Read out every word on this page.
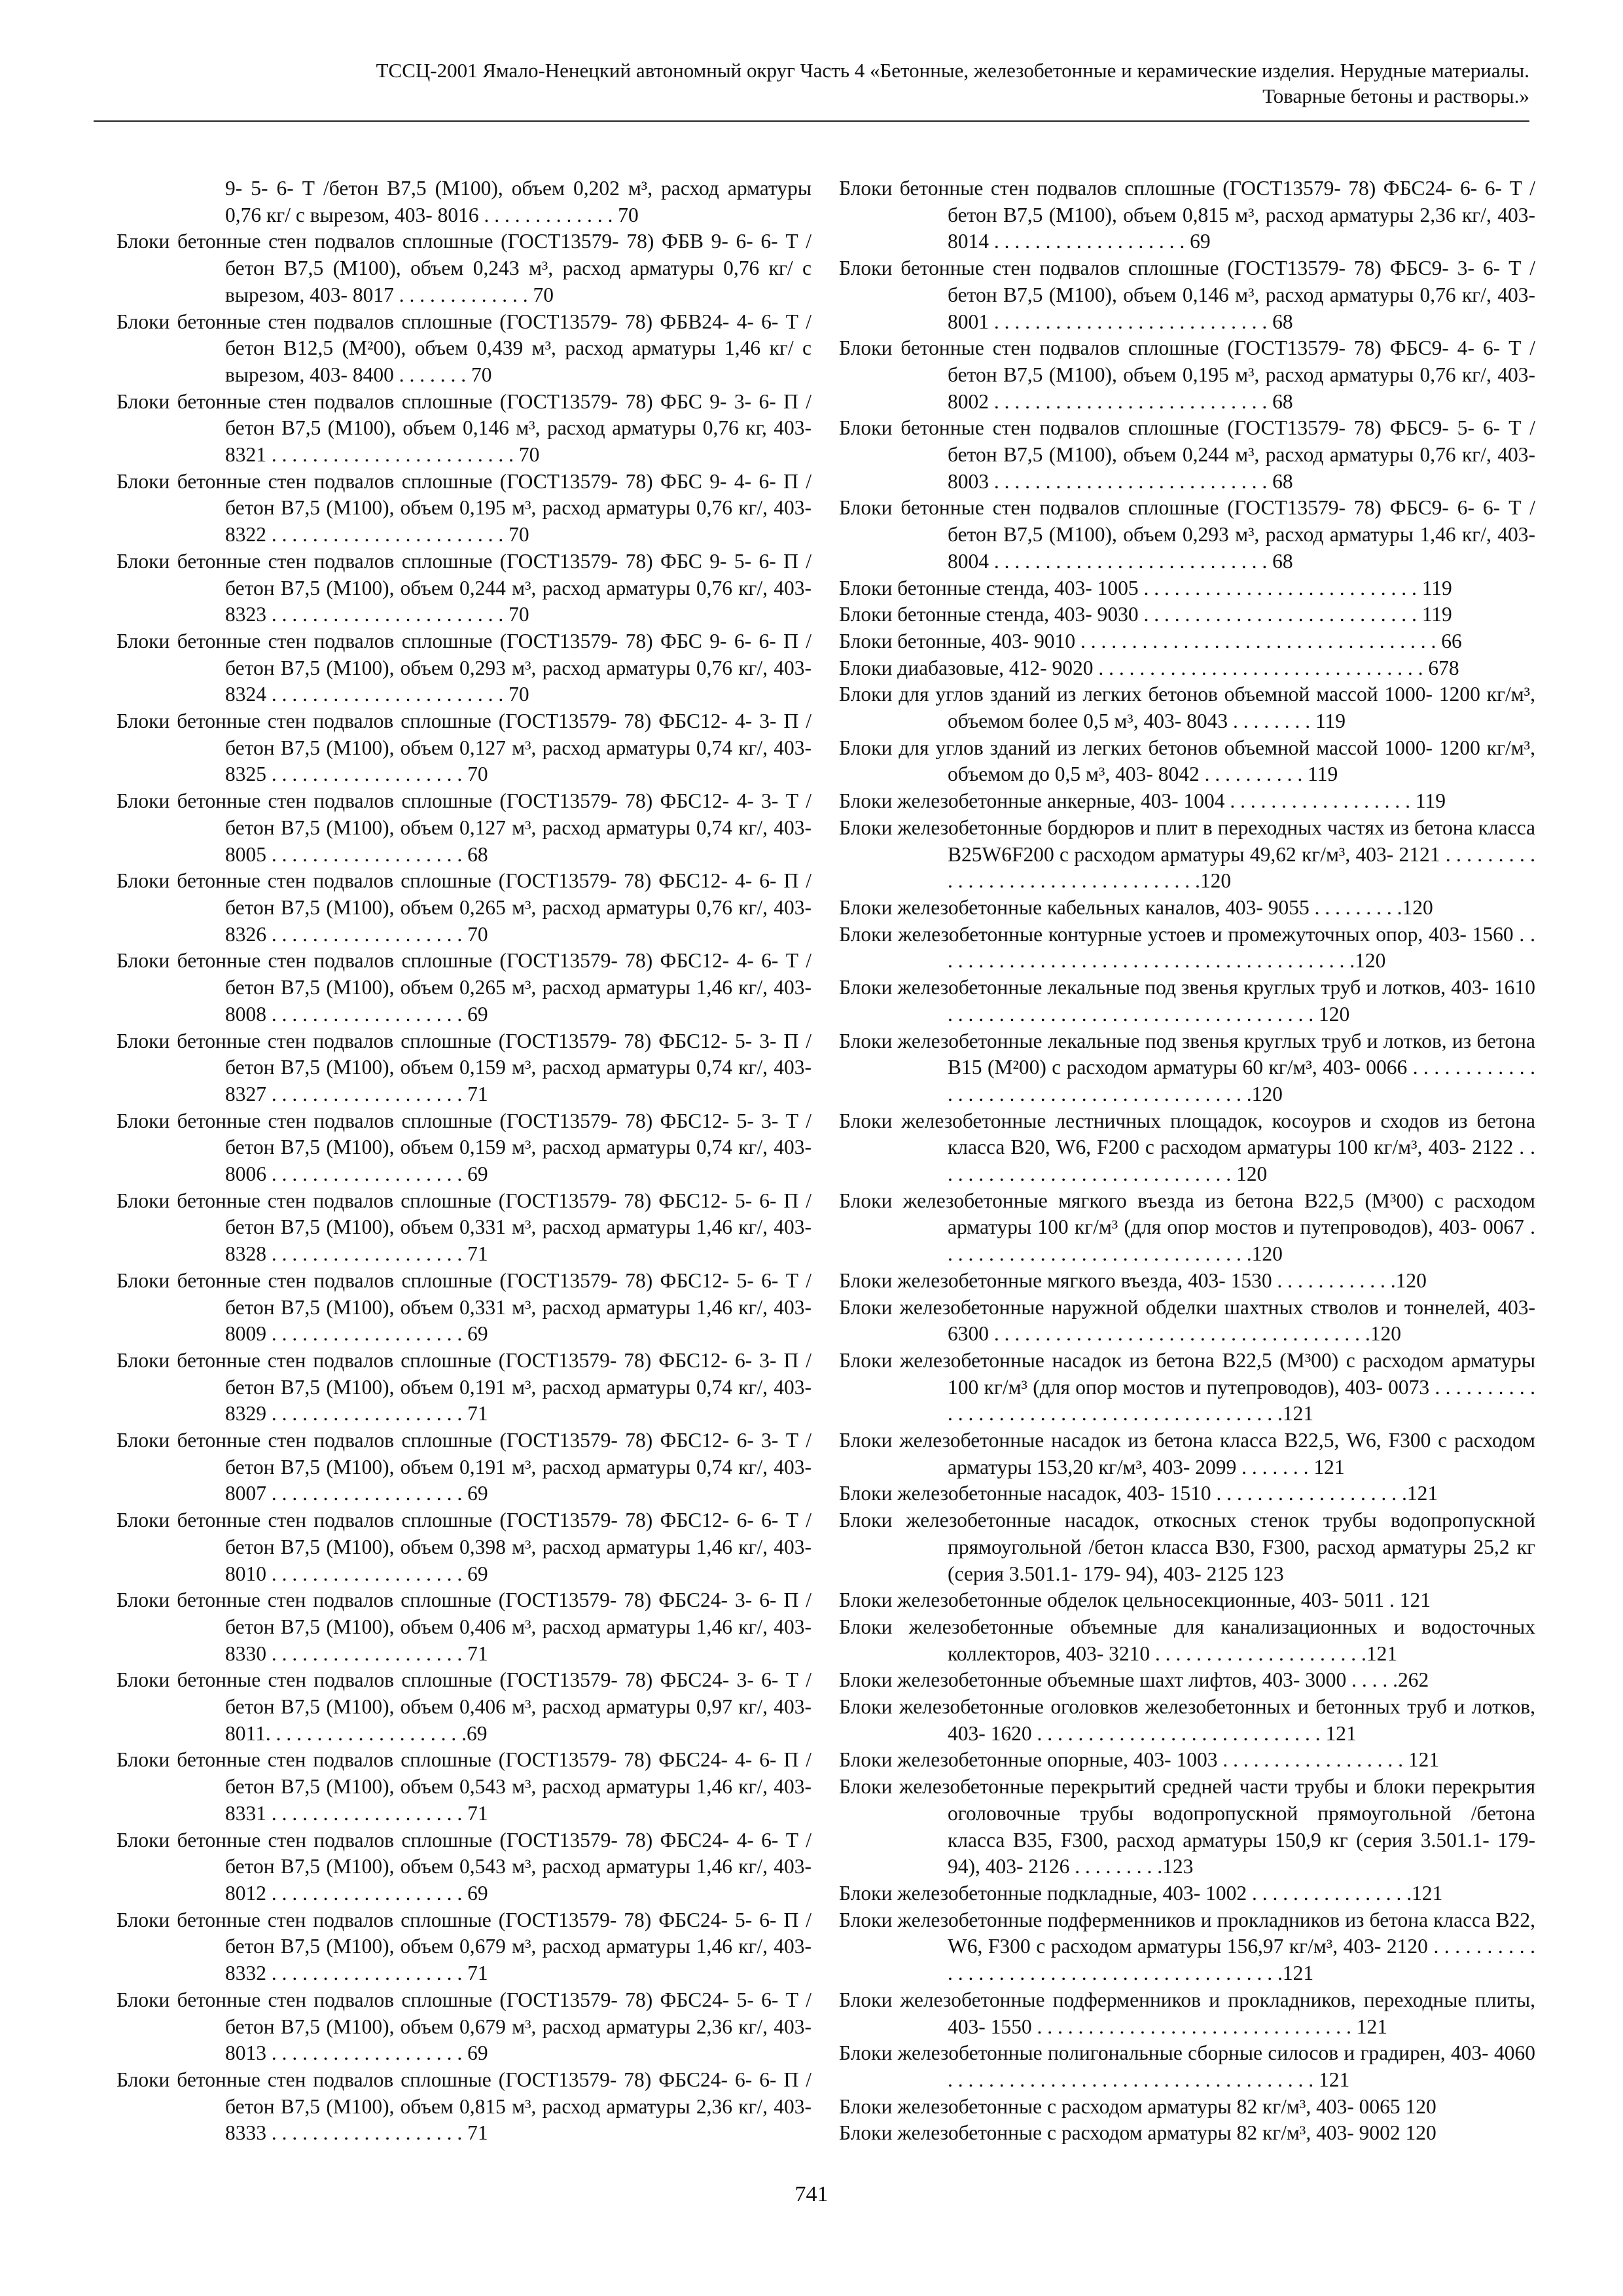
ТССЦ-2001 Ямало-Ненецкий автономный округ Часть 4 «Бетонные, железобетонные и керамические изделия. Нерудные материалы.
Товарные бетоны и растворы.»
9- 5- 6- Т /бетон В7,5 (М100), объем 0,202 м³, расход арматуры 0,76 кг/ с вырезом, 403- 8016 . . . . . . . . . . . . . 70
Блоки бетонные стен подвалов сплошные (ГОСТ13579- 78) ФБВ 9- 6- 6- Т /бетон В7,5 (М100), объем 0,243 м³, расход арматуры 0,76 кг/ с вырезом, 403- 8017 . . . . . . . . . . . . . 70
Блоки бетонные стен подвалов сплошные (ГОСТ13579- 78) ФБВ24- 4- 6- Т /бетон В12,5 (М²00), объем 0,439 м³, расход арматуры 1,46 кг/ с вырезом, 403- 8400 . . . . . . . 70
Блоки бетонные стен подвалов сплошные (ГОСТ13579- 78) ФБС 9- 3- 6- П /бетон В7,5 (М100), объем 0,146 м³, расход арматуры 0,76 кг, 403- 8321 . . . . . . . . . . . . . . . . . . . . . . . . 70
Блоки бетонные стен подвалов сплошные (ГОСТ13579- 78) ФБС 9- 4- 6- П /бетон В7,5 (М100), объем 0,195 м³, расход арматуры 0,76 кг/, 403- 8322 . . . . . . . . . . . . . . . . . . . . . . . 70
Блоки бетонные стен подвалов сплошные (ГОСТ13579- 78) ФБС 9- 5- 6- П /бетон В7,5 (М100), объем 0,244 м³, расход арматуры 0,76 кг/, 403- 8323 . . . . . . . . . . . . . . . . . . . . . . . 70
Блоки бетонные стен подвалов сплошные (ГОСТ13579- 78) ФБС 9- 6- 6- П /бетон В7,5 (М100), объем 0,293 м³, расход арматуры 0,76 кг/, 403- 8324 . . . . . . . . . . . . . . . . . . . . . . . 70
Блоки бетонные стен подвалов сплошные (ГОСТ13579- 78) ФБС12- 4- 3- П /бетон В7,5 (М100), объем 0,127 м³, расход арматуры 0,74 кг/, 403- 8325 . . . . . . . . . . . . . . . . . . . 70
Блоки бетонные стен подвалов сплошные (ГОСТ13579- 78) ФБС12- 4- 3- Т /бетон В7,5 (М100), объем 0,127 м³, расход арматуры 0,74 кг/, 403- 8005 . . . . . . . . . . . . . . . . . . . 68
Блоки бетонные стен подвалов сплошные (ГОСТ13579- 78) ФБС12- 4- 6- П /бетон В7,5 (М100), объем 0,265 м³, расход арматуры 0,76 кг/, 403- 8326 . . . . . . . . . . . . . . . . . . . 70
Блоки бетонные стен подвалов сплошные (ГОСТ13579- 78) ФБС12- 4- 6- Т /бетон В7,5 (М100), объем 0,265 м³, расход арматуры 1,46 кг/, 403- 8008 . . . . . . . . . . . . . . . . . . . 69
Блоки бетонные стен подвалов сплошные (ГОСТ13579- 78) ФБС12- 5- 3- П /бетон В7,5 (М100), объем 0,159 м³, расход арматуры 0,74 кг/, 403- 8327 . . . . . . . . . . . . . . . . . . . 71
Блоки бетонные стен подвалов сплошные (ГОСТ13579- 78) ФБС12- 5- 3- Т /бетон В7,5 (М100), объем 0,159 м³, расход арматуры 0,74 кг/, 403- 8006 . . . . . . . . . . . . . . . . . . . 69
Блоки бетонные стен подвалов сплошные (ГОСТ13579- 78) ФБС12- 5- 6- П /бетон В7,5 (М100), объем 0,331 м³, расход арматуры 1,46 кг/, 403- 8328 . . . . . . . . . . . . . . . . . . . 71
Блоки бетонные стен подвалов сплошные (ГОСТ13579- 78) ФБС12- 5- 6- Т /бетон В7,5 (М100), объем 0,331 м³, расход арматуры 1,46 кг/, 403- 8009 . . . . . . . . . . . . . . . . . . . 69
Блоки бетонные стен подвалов сплошные (ГОСТ13579- 78) ФБС12- 6- 3- П /бетон В7,5 (М100), объем 0,191 м³, расход арматуры 0,74 кг/, 403- 8329 . . . . . . . . . . . . . . . . . . . 71
Блоки бетонные стен подвалов сплошные (ГОСТ13579- 78) ФБС12- 6- 3- Т /бетон В7,5 (М100), объем 0,191 м³, расход арматуры 0,74 кг/, 403- 8007 . . . . . . . . . . . . . . . . . . . 69
Блоки бетонные стен подвалов сплошные (ГОСТ13579- 78) ФБС12- 6- 6- Т /бетон В7,5 (М100), объем 0,398 м³, расход арматуры 1,46 кг/, 403- 8010 . . . . . . . . . . . . . . . . . . . 69
Блоки бетонные стен подвалов сплошные (ГОСТ13579- 78) ФБС24- 3- 6- П /бетон В7,5 (М100), объем 0,406 м³, расход арматуры 1,46 кг/, 403- 8330 . . . . . . . . . . . . . . . . . . . 71
Блоки бетонные стен подвалов сплошные (ГОСТ13579- 78) ФБС24- 3- 6- Т /бетон В7,5 (М100), объем 0,406 м³, расход арматуры 0,97 кг/, 403- 8011. . . . . . . . . . . . . . . . . . . .69
Блоки бетонные стен подвалов сплошные (ГОСТ13579- 78) ФБС24- 4- 6- П /бетон В7,5 (М100), объем 0,543 м³, расход арматуры 1,46 кг/, 403- 8331 . . . . . . . . . . . . . . . . . . . 71
Блоки бетонные стен подвалов сплошные (ГОСТ13579- 78) ФБС24- 4- 6- Т /бетон В7,5 (М100), объем 0,543 м³, расход арматуры 1,46 кг/, 403- 8012 . . . . . . . . . . . . . . . . . . . 69
Блоки бетонные стен подвалов сплошные (ГОСТ13579- 78) ФБС24- 5- 6- П /бетон В7,5 (М100), объем 0,679 м³, расход арматуры 1,46 кг/, 403- 8332 . . . . . . . . . . . . . . . . . . . 71
Блоки бетонные стен подвалов сплошные (ГОСТ13579- 78) ФБС24- 5- 6- Т /бетон В7,5 (М100), объем 0,679 м³, расход арматуры 2,36 кг/, 403- 8013 . . . . . . . . . . . . . . . . . . . 69
Блоки бетонные стен подвалов сплошные (ГОСТ13579- 78) ФБС24- 6- 6- П /бетон В7,5 (М100), объем 0,815 м³, расход арматуры 2,36 кг/, 403- 8333 . . . . . . . . . . . . . . . . . . . 71
Блоки бетонные стен подвалов сплошные (ГОСТ13579- 78) ФБС24- 6- 6- Т /бетон В7,5 (М100), объем 0,815 м³, расход арматуры 2,36 кг/, 403- 8014 . . . . . . . . . . . . . . . . . . . 69
Блоки бетонные стен подвалов сплошные (ГОСТ13579- 78) ФБС9- 3- 6- Т /бетон В7,5 (М100), объем 0,146 м³, расход арматуры 0,76 кг/, 403- 8001 . . . . . . . . . . . . . . . . . . . . . . . . . . . 68
Блоки бетонные стен подвалов сплошные (ГОСТ13579- 78) ФБС9- 4- 6- Т /бетон В7,5 (М100), объем 0,195 м³, расход арматуры 0,76 кг/, 403- 8002 . . . . . . . . . . . . . . . . . . . . . . . . . . . 68
Блоки бетонные стен подвалов сплошные (ГОСТ13579- 78) ФБС9- 5- 6- Т /бетон В7,5 (М100), объем 0,244 м³, расход арматуры 0,76 кг/, 403- 8003 . . . . . . . . . . . . . . . . . . . . . . . . . . . 68
Блоки бетонные стен подвалов сплошные (ГОСТ13579- 78) ФБС9- 6- 6- Т /бетон В7,5 (М100), объем 0,293 м³, расход арматуры 1,46 кг/, 403- 8004 . . . . . . . . . . . . . . . . . . . . . . . . . . . 68
Блоки бетонные стенда, 403- 1005 . . . . . . . . . . . . . . . . . . . . . . . . . . . 119
Блоки бетонные стенда, 403- 9030 . . . . . . . . . . . . . . . . . . . . . . . . . . . 119
Блоки бетонные, 403- 9010 . . . . . . . . . . . . . . . . . . . . . . . . . . . . . . . . . . . 66
Блоки диабазовые, 412- 9020 . . . . . . . . . . . . . . . . . . . . . . . . . . . . . . . . 678
Блоки для углов зданий из легких бетонов объемной массой 1000- 1200 кг/м³, объемом более 0,5 м³, 403- 8043 . . . . . . . . 119
Блоки для углов зданий из легких бетонов объемной массой 1000- 1200 кг/м³, объемом до 0,5 м³, 403- 8042 . . . . . . . . . . 119
Блоки железобетонные анкерные, 403- 1004 . . . . . . . . . . . . . . . . . . 119
Блоки железобетонные бордюров и плит в переходных частях из бетона класса В25W6F200 с расходом арматуры 49,62 кг/м³, 403- 2121 . . . . . . . . . . . . . . . . . . . . . . . . . . . . . . . . . .120
Блоки железобетонные кабельных каналов, 403- 9055 . . . . . . . . .120
Блоки железобетонные контурные устоев и промежуточных опор, 403- 1560 . . . . . . . . . . . . . . . . . . . . . . . . . . . . . . . . . . . . . . . . . .120
Блоки железобетонные лекальные под звенья круглых труб и лотков, 403- 1610 . . . . . . . . . . . . . . . . . . . . . . . . . . . . . . . . . . . . 120
Блоки железобетонные лекальные под звенья круглых труб и лотков, из бетона В15 (М²00) с расходом арматуры 60 кг/м³, 403- 0066 . . . . . . . . . . . . . . . . . . . . . . . . . . . . . . . . . . . . . . . . . .120
Блоки железобетонные лестничных площадок, косоуров и сходов из бетона класса В20, W6, F200 с расходом арматуры 100 кг/м³, 403- 2122 . . . . . . . . . . . . . . . . . . . . . . . . . . . . . . 120
Блоки железобетонные мягкого въезда из бетона В22,5 (М³00) с расходом арматуры 100 кг/м³ (для опор мостов и путепроводов), 403- 0067 . . . . . . . . . . . . . . . . . . . . . . . . . . . . . . .120
Блоки железобетонные мягкого въезда, 403- 1530 . . . . . . . . . . . .120
Блоки железобетонные наружной обделки шахтных стволов и тоннелей, 403- 6300 . . . . . . . . . . . . . . . . . . . . . . . . . . . . . . . . . . . . .120
Блоки железобетонные насадок из бетона В22,5 (М³00) с расходом арматуры 100 кг/м³ (для опор мостов и путепроводов), 403- 0073 . . . . . . . . . . . . . . . . . . . . . . . . . . . . . . . . . . . . . . . . . . .121
Блоки железобетонные насадок из бетона класса В22,5, W6, F300 с расходом арматуры 153,20 кг/м³, 403- 2099 . . . . . . . 121
Блоки железобетонные насадок, 403- 1510 . . . . . . . . . . . . . . . . . . .121
Блоки железобетонные насадок, откосных стенок трубы водопропускной прямоугольной /бетон класса В30, F300, расход арматуры 25,2 кг (серия 3.501.1- 179- 94), 403- 2125 123
Блоки железобетонные обделок цельносекционные, 403- 5011 . 121
Блоки железобетонные объемные для канализационных и водосточных коллекторов, 403- 3210 . . . . . . . . . . . . . . . . . . . . .121
Блоки железобетонные объемные шахт лифтов, 403- 3000 . . . . .262
Блоки железобетонные оголовков железобетонных и бетонных труб и лотков, 403- 1620 . . . . . . . . . . . . . . . . . . . . . . . . . . . . 121
Блоки железобетонные опорные, 403- 1003 . . . . . . . . . . . . . . . . . . 121
Блоки железобетонные перекрытий средней части трубы и блоки перекрытия оголовочные трубы водопропускной прямоугольной /бетона класса В35, F300, расход арматуры 150,9 кг (серия 3.501.1- 179- 94), 403- 2126 . . . . . . . . .123
Блоки железобетонные подкладные, 403- 1002 . . . . . . . . . . . . . . . .121
Блоки железобетонные подферменников и прокладников из бетона класса В22, W6, F300 с расходом арматуры 156,97 кг/м³, 403- 2120 . . . . . . . . . . . . . . . . . . . . . . . . . . . . . . . . . . . . . . . . . . .121
Блоки железобетонные подферменников и прокладников, переходные плиты, 403- 1550 . . . . . . . . . . . . . . . . . . . . . . . . . . . . . . . 121
Блоки железобетонные полигональные сборные силосов и градирен, 403- 4060 . . . . . . . . . . . . . . . . . . . . . . . . . . . . . . . . . . . . 121
Блоки железобетонные с расходом арматуры 82 кг/м³, 403- 0065 120
Блоки железобетонные с расходом арматуры 82 кг/м³, 403- 9002 120
741
